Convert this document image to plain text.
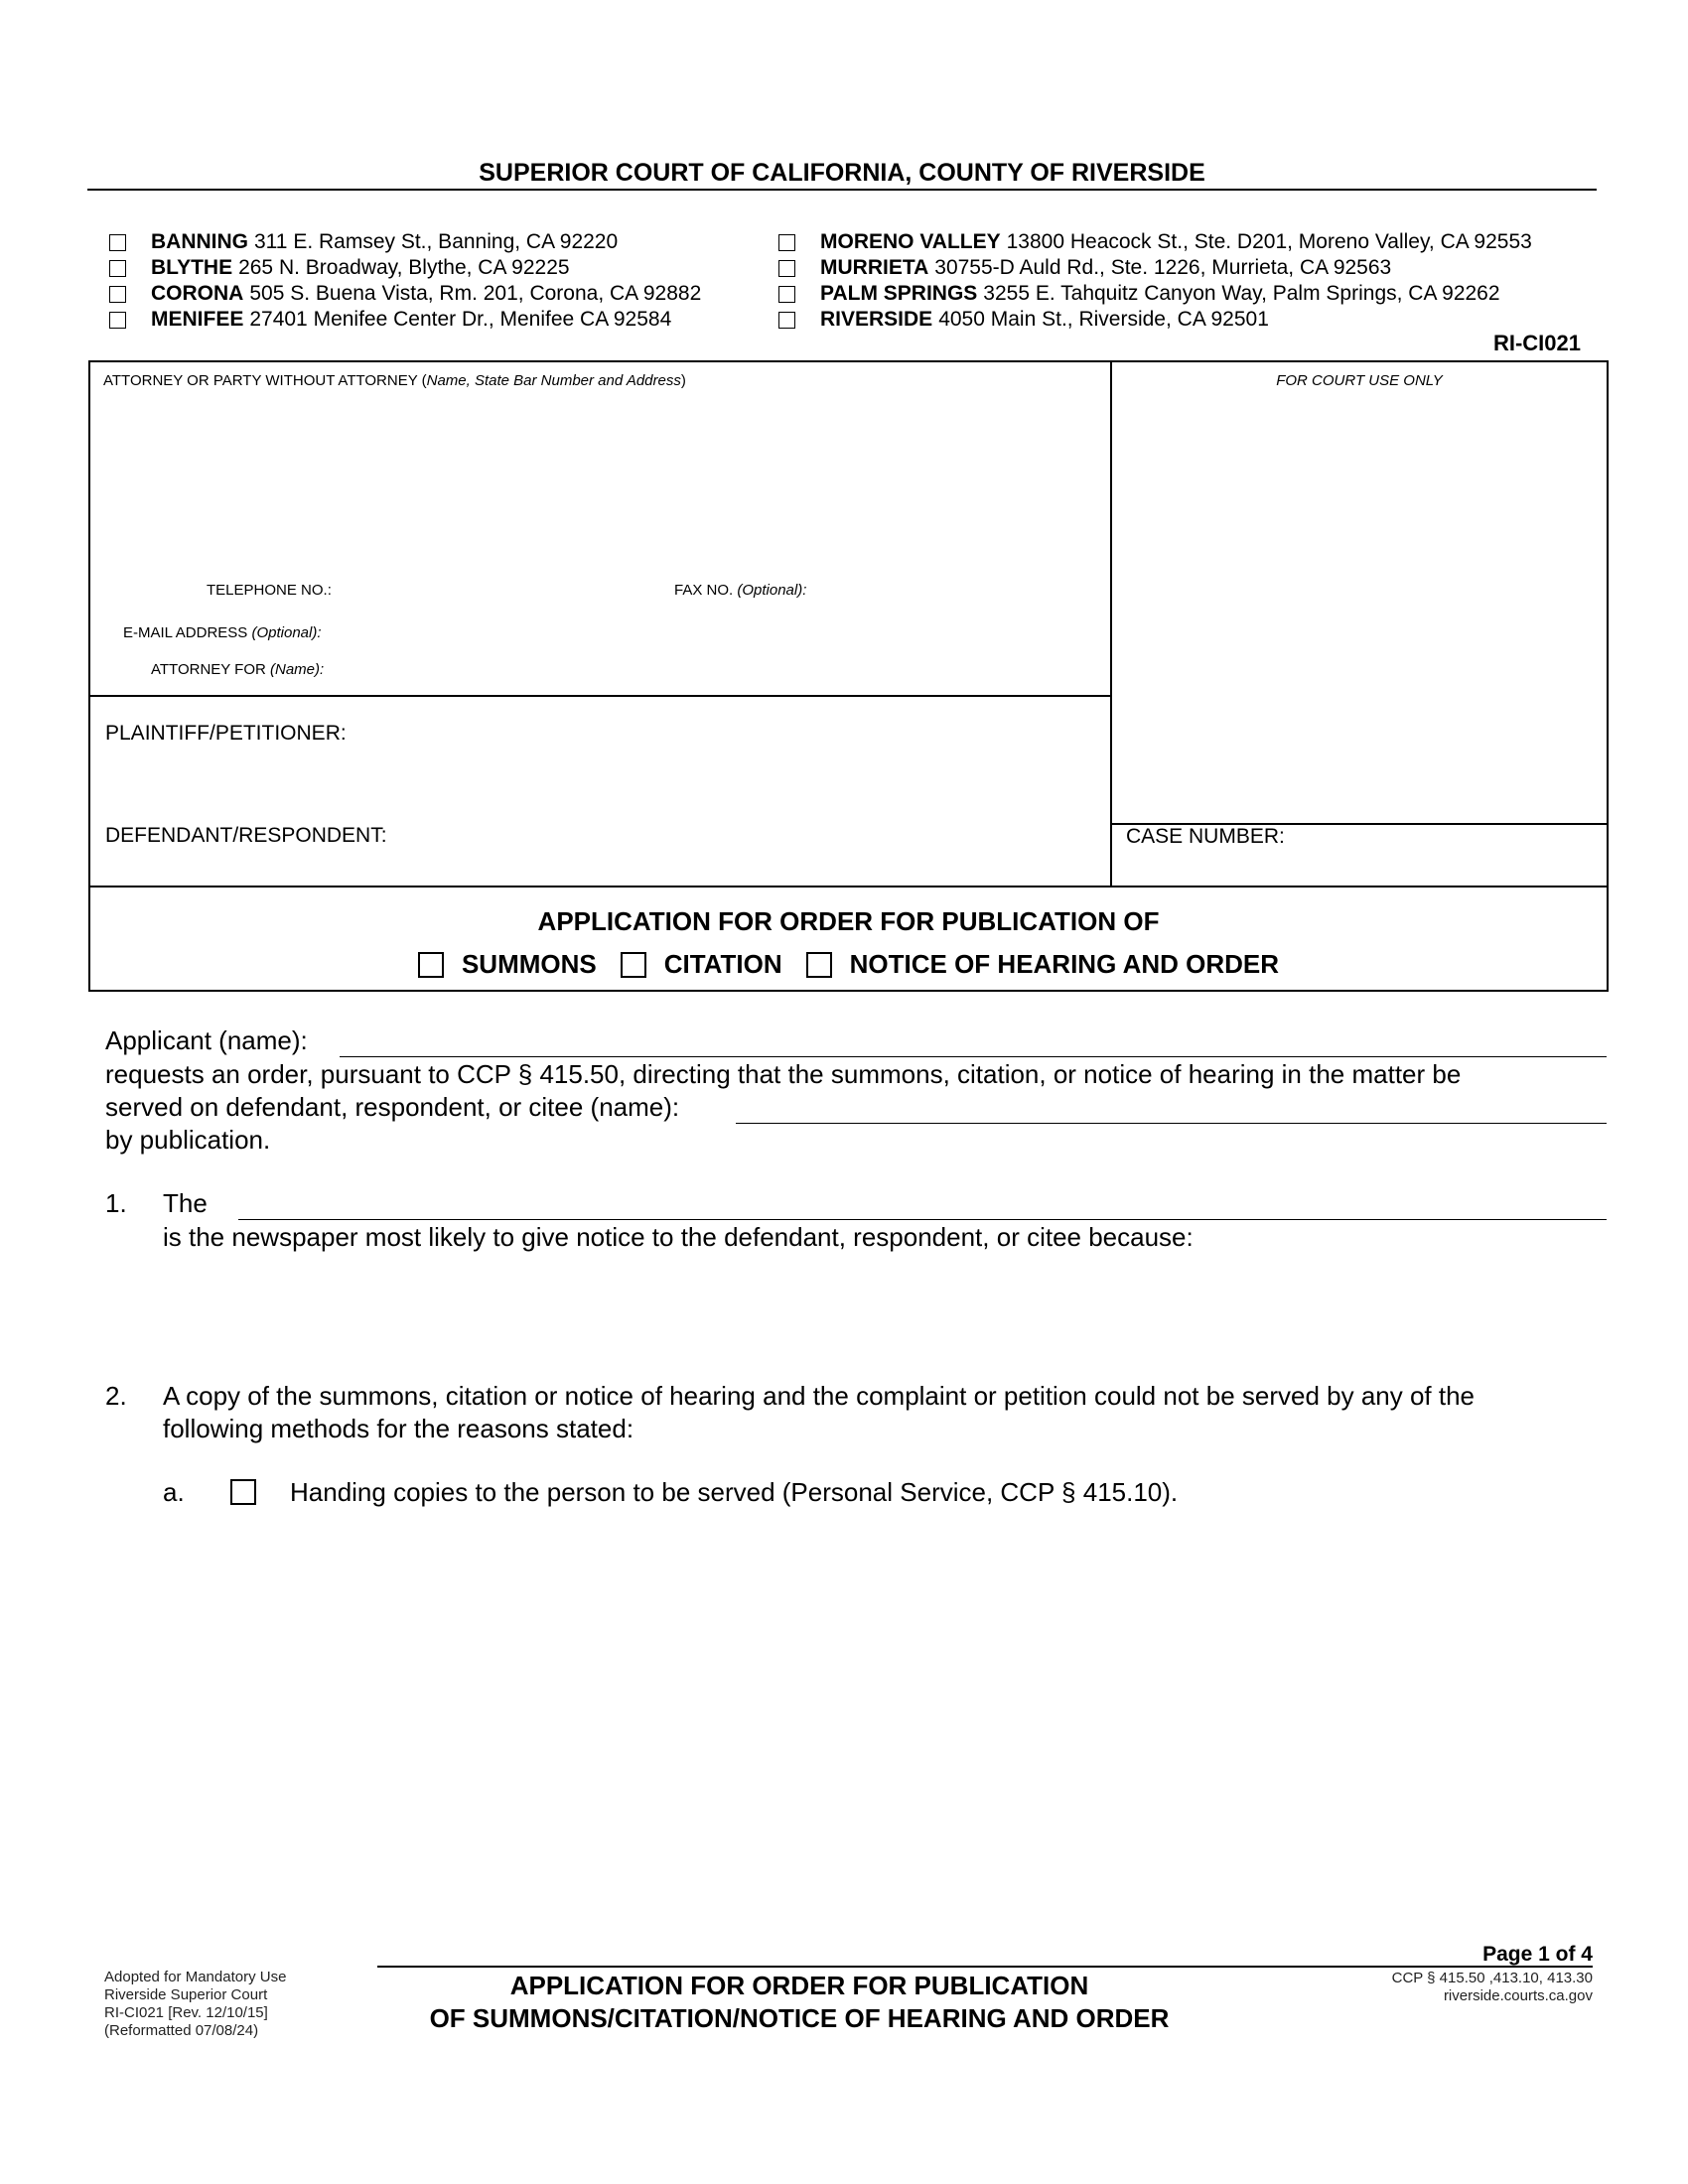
SUPERIOR COURT OF CALIFORNIA, COUNTY OF RIVERSIDE
BANNING 311 E. Ramsey St., Banning, CA 92220
BLYTHE 265 N. Broadway, Blythe, CA 92225
CORONA 505 S. Buena Vista, Rm. 201, Corona, CA 92882
MENIFEE 27401 Menifee Center Dr., Menifee CA 92584
MORENO VALLEY 13800 Heacock St., Ste. D201, Moreno Valley, CA 92553
MURRIETA 30755-D Auld Rd., Ste. 1226, Murrieta, CA 92563
PALM SPRINGS 3255 E. Tahquitz Canyon Way, Palm Springs, CA 92262
RIVERSIDE 4050 Main St., Riverside, CA 92501
RI-CI021
ATTORNEY OR PARTY WITHOUT ATTORNEY (Name, State Bar Number and Address)	FOR COURT USE ONLY
TELEPHONE NO.:	FAX NO. (Optional):
E-MAIL ADDRESS (Optional):
ATTORNEY FOR (Name):
PLAINTIFF/PETITIONER:
DEFENDANT/RESPONDENT:	CASE NUMBER:
APPLICATION FOR ORDER FOR PUBLICATION OF
SUMMONS	CITATION	NOTICE OF HEARING AND ORDER
Applicant (name):
requests an order, pursuant to CCP § 415.50, directing that the summons, citation, or notice of hearing in the matter be
served on defendant, respondent, or citee (name):
by publication.
1. The
is the newspaper most likely to give notice to the defendant, respondent, or citee because:
2. A copy of the summons, citation or notice of hearing and the complaint or petition could not be served by any of the
following methods for the reasons stated:
a.	Handing copies to the person to be served (Personal Service, CCP § 415.10).
Page 1 of 4
Adopted for Mandatory Use
Riverside Superior Court
RI-CI021 [Rev. 12/10/15]
(Reformatted 07/08/24)
APPLICATION FOR ORDER FOR PUBLICATION
OF SUMMONS/CITATION/NOTICE OF HEARING AND ORDER
CCP § 415.50 ,413.10, 413.30
riverside.courts.ca.gov
